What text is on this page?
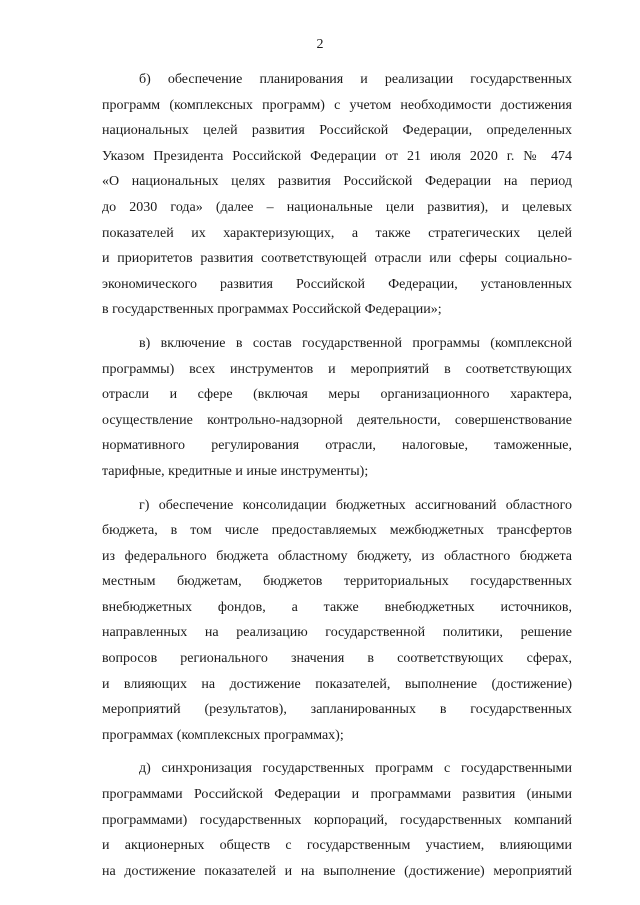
2
б) обеспечение планирования и реализации государственных
программ (комплексных программ) с учетом необходимости достижения
национальных целей развития Российской Федерации, определенных
Указом Президента Российской Федерации от 21 июля 2020 г. № 474
«О национальных целях развития Российской Федерации на период
до 2030 года» (далее – национальные цели развития), и целевых
показателей их характеризующих, а также стратегических целей
и приоритетов развития соответствующей отрасли или сферы социально-
экономического развития Российской Федерации, установленных
в государственных программах Российской Федерации»;
в) включение в состав государственной программы (комплексной
программы) всех инструментов и мероприятий в соответствующих
отрасли и сфере (включая меры организационного характера,
осуществление контрольно-надзорной деятельности, совершенствование
нормативного регулирования отрасли, налоговые, таможенные,
тарифные, кредитные и иные инструменты);
г) обеспечение консолидации бюджетных ассигнований областного
бюджета, в том числе предоставляемых межбюджетных трансфертов
из федерального бюджета областному бюджету, из областного бюджета
местным бюджетам, бюджетов территориальных государственных
внебюджетных фондов, а также внебюджетных источников,
направленных на реализацию государственной политики, решение
вопросов регионального значения в соответствующих сферах,
и влияющих на достижение показателей, выполнение (достижение)
мероприятий (результатов), запланированных в государственных
программах (комплексных программах);
д) синхронизация государственных программ с государственными
программами Российской Федерации и программами развития (иными
программами) государственных корпораций, государственных компаний
и акционерных обществ с государственным участием, влияющими
на достижение показателей и на выполнение (достижение) мероприятий
